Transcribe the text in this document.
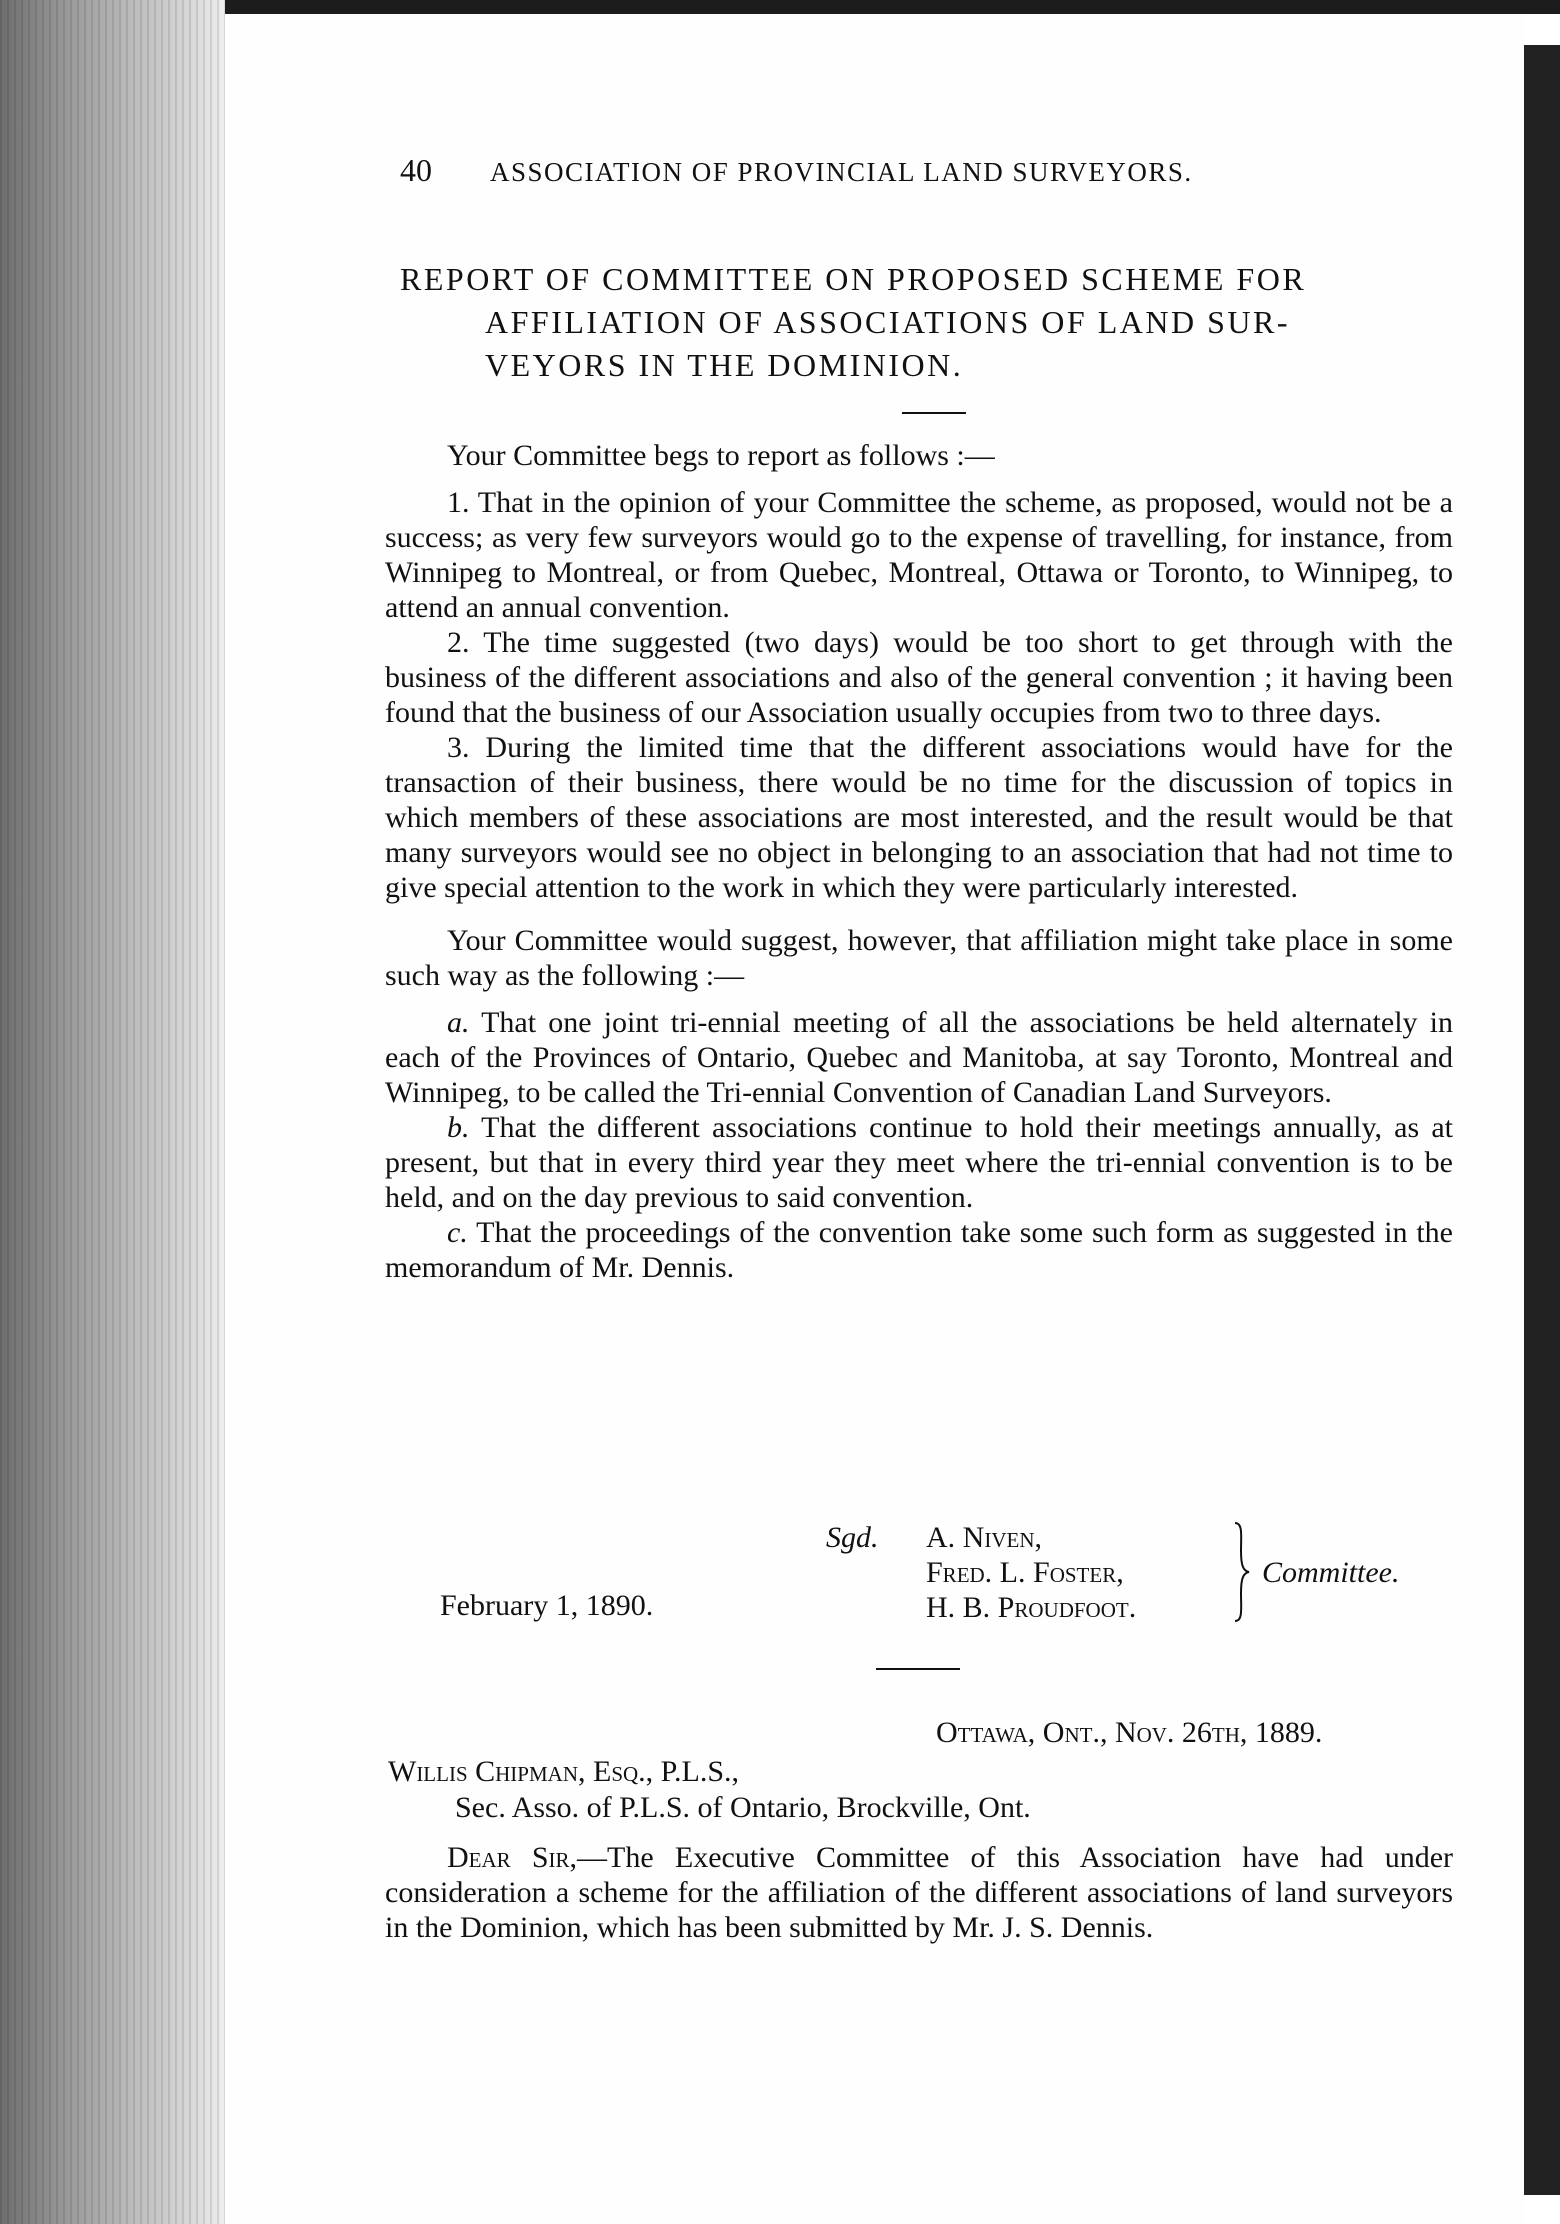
40 ASSOCIATION OF PROVINCIAL LAND SURVEYORS.
REPORT OF COMMITTEE ON PROPOSED SCHEME FOR
AFFILIATION OF ASSOCIATIONS OF LAND SUR-
VEYORS IN THE DOMINION.

Your Committee begs to report as follows :—

1. That in the opinion of your Committee the scheme, as proposed, would not be a success; as very few surveyors would go to the expense of travelling, for instance, from Winnipeg to Montreal, or from Quebec, Montreal, Ottawa or Toronto, to Winnipeg, to attend an annual convention.

2. The time suggested (two days) would be too short to get through with the business of the different associations and also of the general convention ; it having been found that the business of our Association usually occupies from two to three days.

3. During the limited time that the different associations would have for the transaction of their business, there would be no time for the discussion of topics in which members of these associations are most interested, and the result would be that many surveyors would see no object in belonging to an association that had not time to give special attention to the work in which they were particularly interested.

Your Committee would suggest, however, that affiliation might take place in some such way as the following :—

a. That one joint tri-ennial meeting of all the associations be held alternately in each of the Provinces of Ontario, Quebec and Manitoba, at say Toronto, Montreal and Winnipeg, to be called the Tri-ennial Convention of Canadian Land Surveyors.

b. That the different associations continue to hold their meetings annually, as at present, but that in every third year they meet where the tri-ennial convention is to be held, and on the day previous to said convention.

c. That the proceedings of the convention take some such form as suggested in the memorandum of Mr. Dennis.

Sgd. A. Niven,
Fred. L. Foster,
H. B. Proudfoot.
Committee.
February 1, 1890.
Ottawa, Ont., Nov. 26th, 1889.
Willis Chipman, Esq., P.L.S.,
Sec. Asso. of P.L.S. of Ontario, Brockville, Ont.

Dear Sir,—The Executive Committee of this Association have had under consideration a scheme for the affiliation of the different associations of land surveyors in the Dominion, which has been submitted by Mr. J. S. Dennis.
